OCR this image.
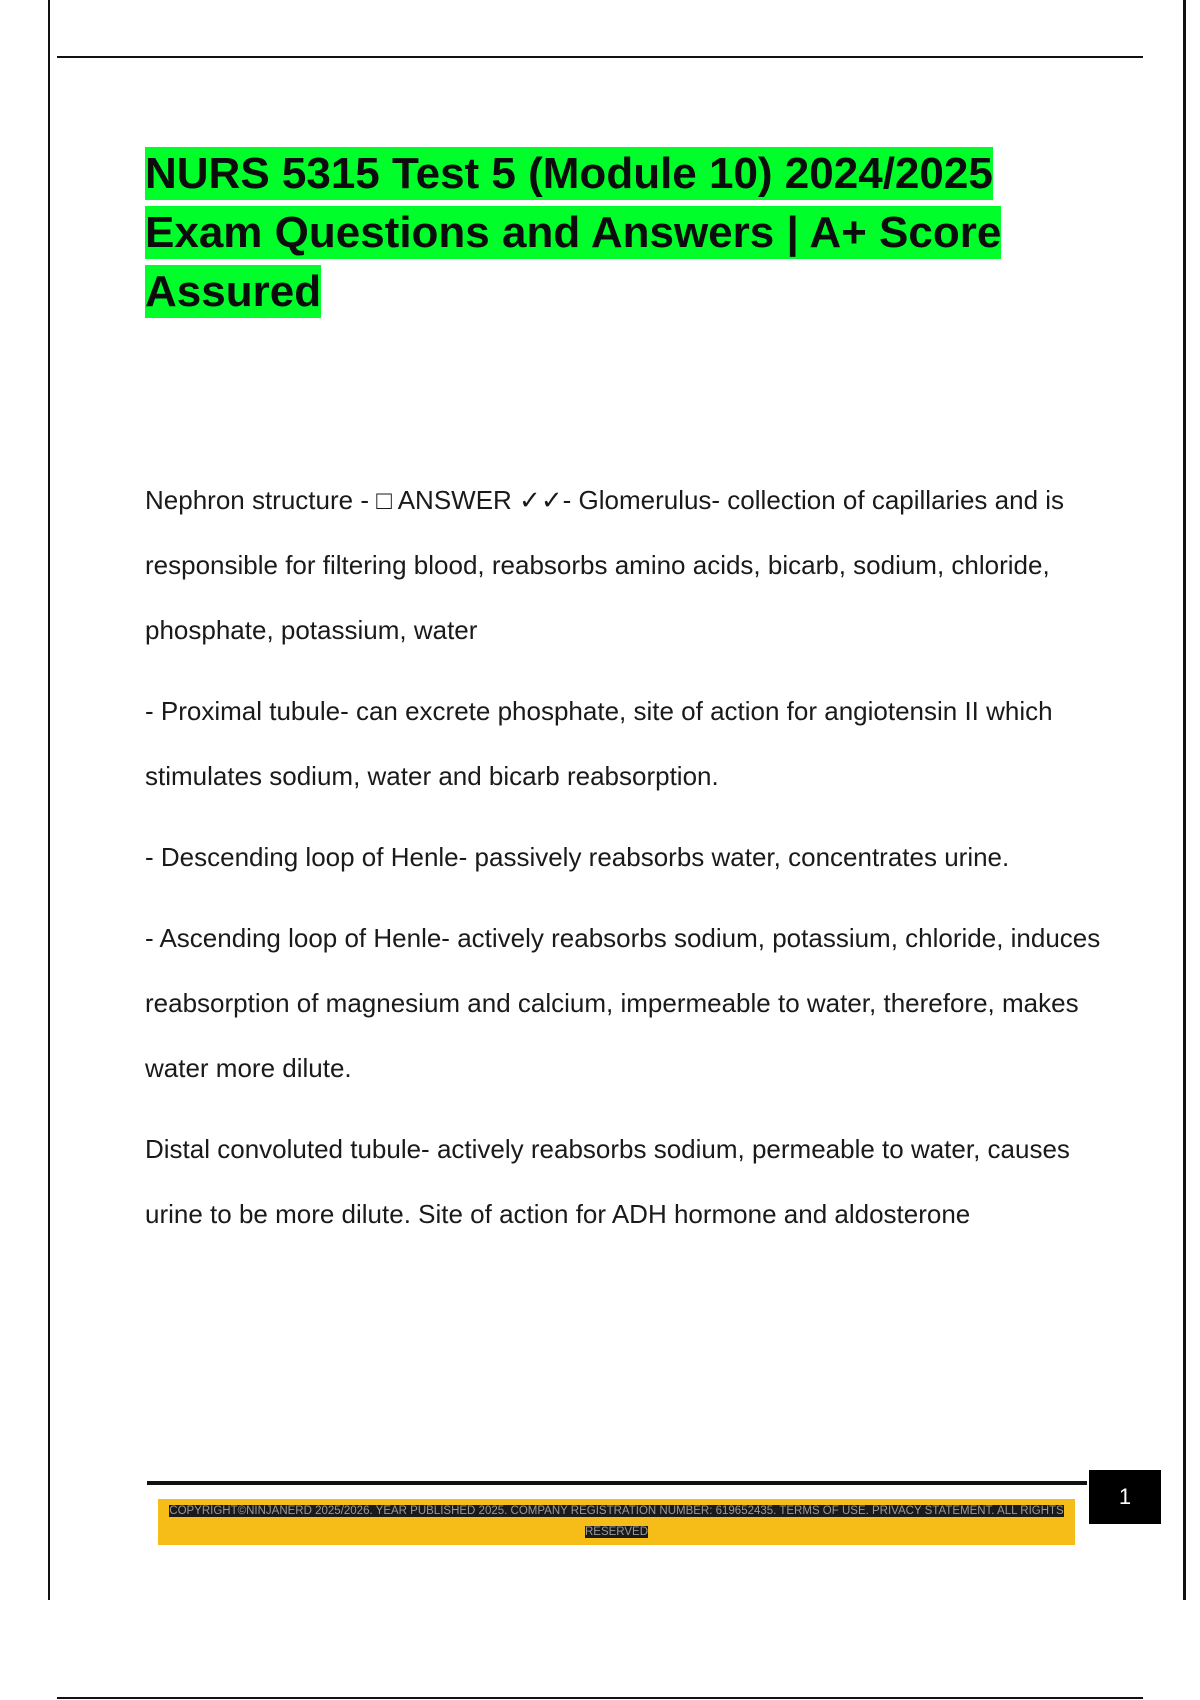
NURS 5315 Test 5 (Module 10) 2024/2025 Exam Questions and Answers | A+ Score Assured

Nephron structure - □ ANSWER ✓✓- Glomerulus- collection of capillaries and is responsible for filtering blood, reabsorbs amino acids, bicarb, sodium, chloride, phosphate, potassium, water

- Proximal tubule- can excrete phosphate, site of action for angiotensin II which stimulates sodium, water and bicarb reabsorption.

- Descending loop of Henle- passively reabsorbs water, concentrates urine.

- Ascending loop of Henle- actively reabsorbs sodium, potassium, chloride, induces reabsorption of magnesium and calcium, impermeable to water, therefore, makes water more dilute.

Distal convoluted tubule- actively reabsorbs sodium, permeable to water, causes urine to be more dilute. Site of action for ADH hormone and aldosterone

1
COPYRIGHT©NINJANERD 2025/2026. YEAR PUBLISHED 2025. COMPANY REGISTRATION NUMBER: 619652435. TERMS OF USE. PRIVACY STATEMENT. ALL RIGHTS RESERVED
